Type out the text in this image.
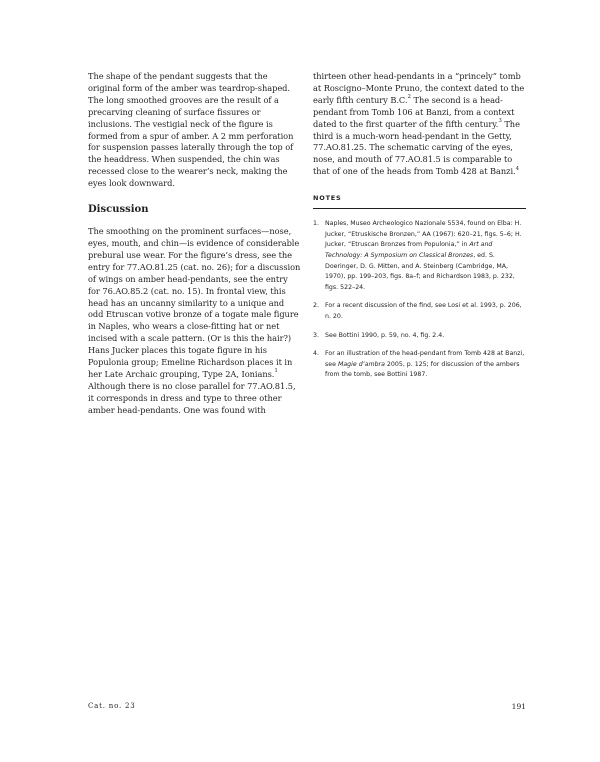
The shape of the pendant suggests that the original form of the amber was teardrop-shaped. The long smoothed grooves are the result of a precarving cleaning of surface fissures or inclusions. The vestigial neck of the figure is formed from a spur of amber. A 2 mm perforation for suspension passes laterally through the top of the headdress. When suspended, the chin was recessed close to the wearer’s neck, making the eyes look downward.

Discussion

The smoothing on the prominent surfaces—nose, eyes, mouth, and chin—is evidence of considerable prebural use wear. For the figure’s dress, see the entry for 77.AO.81.25 (cat. no. 26); for a discussion of wings on amber head-pendants, see the entry for 76.AO.85.2 (cat. no. 15). In frontal view, this head has an uncanny similarity to a unique and odd Etruscan votive bronze of a togate male figure in Naples, who wears a close-fitting hat or net incised with a scale pattern. (Or is this the hair?) Hans Jucker places this togate figure in his Populonia group; Emeline Richardson places it in her Late Archaic grouping, Type 2A, Ionians.$^1$ Although there is no close parallel for 77.AO.81.5, it corresponds in dress and type to three other amber head-pendants. One was found with

thirteen other head-pendants in a “princely” tomb at Roscigno–Monte Pruno, the context dated to the early fifth century B.C.$^2$ The second is a head-pendant from Tomb 106 at Banzi, from a context dated to the first quarter of the fifth century.$^3$ The third is a much-worn head-pendant in the Getty, 77.AO.81.25. The schematic carving of the eyes, nose, and mouth of 77.AO.81.5 is comparable to that of one of the heads from Tomb 428 at Banzi.$^4$

NOTES
1. Naples, Museo Archeologico Nazionale 5534, found on Elba: H. Jucker, “Etruskische Bronzen,” AA (1967): 620–21, figs. 5–6; H. Jucker, “Etruscan Bronzes from Populonia,” in Art and Technology: A Symposium on Classical Bronzes, ed. S. Doeringer, D. G. Mitten, and A. Steinberg (Cambridge, MA, 1970), pp. 199–203, figs. 8a–f; and Richardson 1983, p. 232, figs. 522–24.
2. For a recent discussion of the find, see Losi et al. 1993, p. 206, n. 20.
3. See Bottini 1990, p. 59, no. 4, fig. 2.4.
4. For an illustration of the head-pendant from Tomb 428 at Banzi, see Magie d’ambra 2005, p. 125; for discussion of the ambers from the tomb, see Bottini 1987.
Cat. no. 23	191
